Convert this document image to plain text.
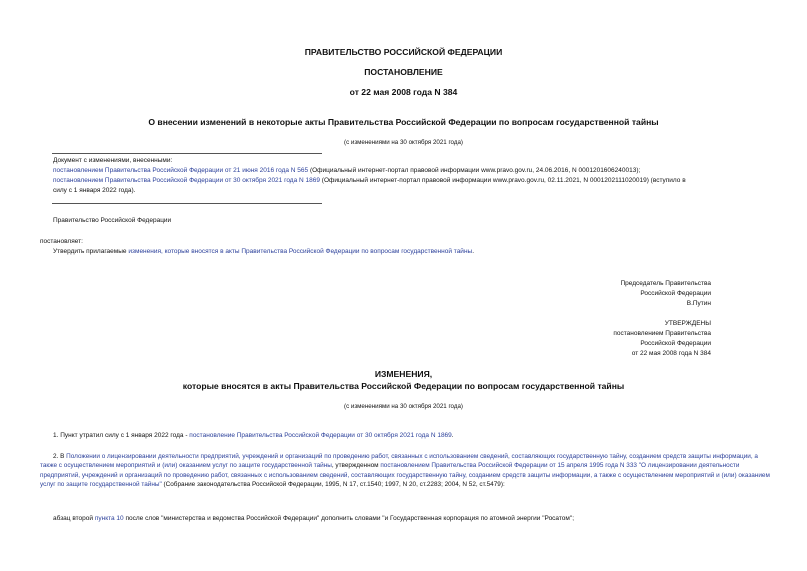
ПРАВИТЕЛЬСТВО РОССИЙСКОЙ ФЕДЕРАЦИИ
ПОСТАНОВЛЕНИЕ
от 22 мая 2008 года N 384
О внесении изменений в некоторые акты Правительства Российской Федерации по вопросам государственной тайны
(с изменениями на 30 октября 2021 года)
Документ с изменениями, внесенными:
постановлением Правительства Российской Федерации от 21 июня 2016 года N 565 (Официальный интернет-портал правовой информации www.pravo.gov.ru, 24.06.2016, N 0001201606240013);
постановлением Правительства Российской Федерации от 30 октября 2021 года N 1869 (Официальный интернет-портал правовой информации www.pravo.gov.ru, 02.11.2021, N 0001202111020019) (вступило в
силу с 1 января 2022 года).
Правительство Российской Федерации
постановляет:
Утвердить прилагаемые изменения, которые вносятся в акты Правительства Российской Федерации по вопросам государственной тайны.
Председатель Правительства
Российской Федерации
В.Путин
УТВЕРЖДЕНЫ
постановлением Правительства
Российской Федерации
от 22 мая 2008 года N 384
ИЗМЕНЕНИЯ,
которые вносятся в акты Правительства Российской Федерации по вопросам государственной тайны
(с изменениями на 30 октября 2021 года)
1. Пункт утратил силу с 1 января 2022 года - постановление Правительства Российской Федерации от 30 октября 2021 года N 1869.
2. В Положении о лицензировании деятельности предприятий, учреждений и организаций по проведению работ, связанных с использованием сведений, составляющих государственную тайну, созданием средств защиты информации, а также с осуществлением мероприятий и (или) оказанием услуг по защите государственной тайны, утвержденном постановлением Правительства Российской Федерации от 15 апреля 1995 года N 333 "О лицензировании деятельности предприятий, учреждений и организаций по проведению работ, связанных с использованием сведений, составляющих государственную тайну, созданием средств защиты информации, а также с осуществлением мероприятий и (или) оказанием услуг по защите государственной тайны" (Собрание законодательства Российской Федерации, 1995, N 17, ст.1540; 1997, N 20, ст.2283; 2004, N 52, ст.5479):
абзац второй пункта 10 после слов "министерства и ведомства Российской Федерации" дополнить словами "и Государственная корпорация по атомной энергии "Росатом";
